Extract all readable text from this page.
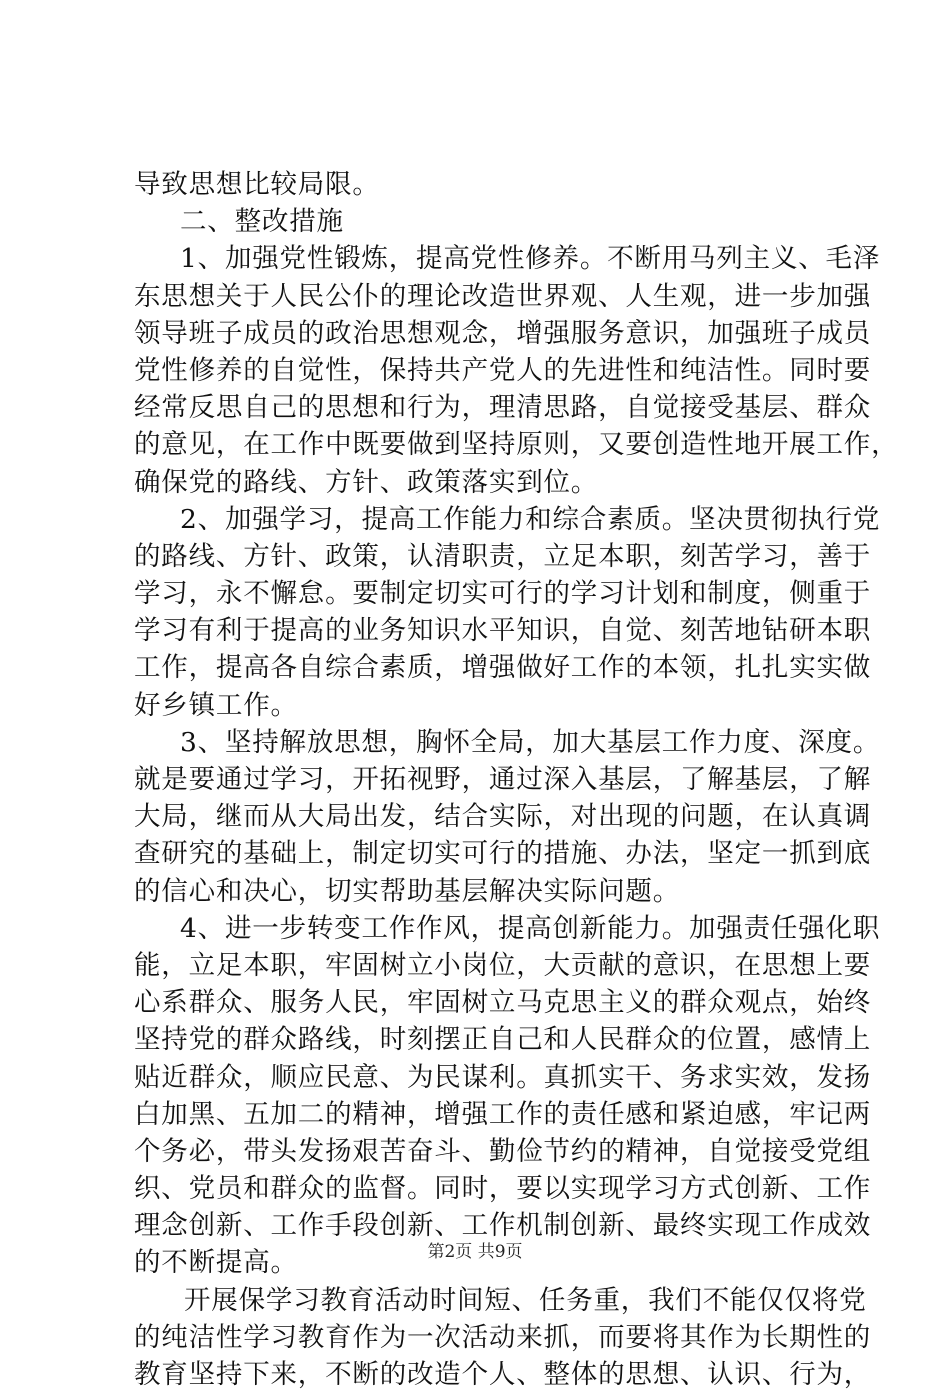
导致思想比较局限。
二、整改措施
1、加强党性锻炼，提高党性修养。不断用马列主义、毛泽
东思想关于人民公仆的理论改造世界观、人生观，进一步加强
领导班子成员的政治思想观念，增强服务意识，加强班子成员
党性修养的自觉性，保持共产党人的先进性和纯洁性。同时要
经常反思自己的思想和行为，理清思路，自觉接受基层、群众
的意见，在工作中既要做到坚持原则，又要创造性地开展工作，
确保党的路线、方针、政策落实到位。
2、加强学习，提高工作能力和综合素质。坚决贯彻执行党
的路线、方针、政策，认清职责，立足本职，刻苦学习，善于
学习，永不懈怠。要制定切实可行的学习计划和制度，侧重于
学习有利于提高的业务知识水平知识，自觉、刻苦地钻研本职
工作，提高各自综合素质，增强做好工作的本领，扎扎实实做
好乡镇工作。
3、坚持解放思想，胸怀全局，加大基层工作力度、深度。
就是要通过学习，开拓视野，通过深入基层，了解基层，了解
大局，继而从大局出发，结合实际，对出现的问题，在认真调
查研究的基础上，制定切实可行的措施、办法，坚定一抓到底
的信心和决心，切实帮助基层解决实际问题。
4、进一步转变工作作风，提高创新能力。加强责任强化职
能，立足本职，牢固树立小岗位，大贡献的意识，在思想上要
心系群众、服务人民，牢固树立马克思主义的群众观点，始终
坚持党的群众路线，时刻摆正自己和人民群众的位置，感情上
贴近群众，顺应民意、为民谋利。真抓实干、务求实效，发扬
白加黑、五加二的精神，增强工作的责任感和紧迫感，牢记两
个务必，带头发扬艰苦奋斗、勤俭节约的精神，自觉接受党组
织、党员和群众的监督。同时，要以实现学习方式创新、工作
理念创新、工作手段创新、工作机制创新、最终实现工作成效
的不断提高。
开展保学习教育活动时间短、任务重，我们不能仅仅将党
的纯洁性学习教育作为一次活动来抓，而要将其作为长期性的
教育坚持下来，不断的改造个人、整体的思想、认识、行为，
第2页 共9页
